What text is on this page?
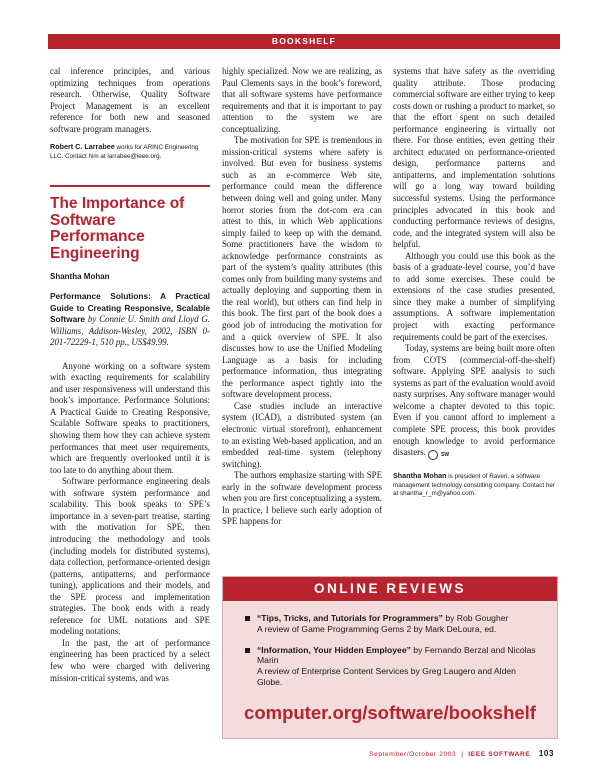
BOOKSHELF

cal inference principles, and various optimizing techniques from operations research. Otherwise, Quality Software Project Management is an excellent reference for both new and seasoned software program managers.

Robert C. Larrabee works for ARINC Engineering LLC. Contact him at larrabee@ieee.org.

The Importance of Software Performance Engineering
Shantha Mohan

Performance Solutions: A Practical Guide to Creating Responsive, Scalable Software by Connie U. Smith and Lloyd G. Williams, Addison-Wesley, 2002, ISBN 0-201-72229-1, 510 pp., US$49.99.

Anyone working on a software system with exacting requirements for scalability and user responsiveness will understand this book’s importance. Performance Solutions: A Practical Guide to Creating Responsive, Scalable Software speaks to practitioners, showing them how they can achieve system performances that meet user requirements, which are frequently overlooked until it is too late to do anything about them.

Software performance engineering deals with software system performance and scalability. This book speaks to SPE’s importance in a seven-part treatise, starting with the motivation for SPE, then introducing the methodology and tools (including models for distributed systems), data collection, performance-oriented design (patterns, antipatterns, and performance tuning), applications and their models, and the SPE process and implementation strategies. The book ends with a ready reference for UML notations and SPE modeling notations.

In the past, the art of performance engineering has been practiced by a select few who were charged with delivering mission-critical systems, and was

highly specialized. Now we are realizing, as Paul Clements says in the book’s foreword, that all software systems have performance requirements and that it is important to pay attention to the system we are conceptualizing.

The motivation for SPE is tremendous in mission-critical systems where safety is involved. But even for business systems such as an e-commerce Web site, performance could mean the difference between doing well and going under. Many horror stories from the dot-com era can attest to this, in which Web applications simply failed to keep up with the demand. Some practitioners have the wisdom to acknowledge performance constraints as part of the system’s quality attributes (this comes only from building many systems and actually deploying and supporting them in the real world), but others can find help in this book. The first part of the book does a good job of introducing the motivation for and a quick overview of SPE. It also discusses how to use the Unified Modeling Language as a basis for including performance information, thus integrating the performance aspect tightly into the software development process.

Case studies include an interactive system (ICAD), a distributed system (an electronic virtual storefront), enhancement to an existing Web-based application, and an embedded real-time system (telephony switching).

The authors emphasize starting with SPE early in the software development process when you are first conceptualizing a system. In practice, I believe such early adoption of SPE happens for

systems that have safety as the overriding quality attribute. Those producing commercial software are either trying to keep costs down or rushing a product to market, so that the effort spent on such detailed performance engineering is virtually not there. For those entities, even getting their architect educated on performance-oriented design, performance patterns and antipatterns, and implementation solutions will go a long way toward building successful systems. Using the performance principles advocated in this book and conducting performance reviews of designs, code, and the integrated system will also be helpful.

Although you could use this book as the basis of a graduate-level course, you’d have to add some exercises. These could be extensions of the case studies presented, since they make a number of simplifying assumptions. A software implementation project with exacting performance requirements could be part of the exercises.

Today, systems are being built more often from COTS (commercial-off-the-shelf) software. Applying SPE analysis to such systems as part of the evaluation would avoid nasty surprises. Any software manager would welcome a chapter devoted to this topic. Even if you cannot afford to implement a complete SPE process, this book provides enough knowledge to avoid performance disasters.	SW

Shantha Mohan is president of Raveri, a software management technology consulting company. Contact her at shantha_r_m@yahoo.com.

ONLINE REVIEWS
“Tips, Tricks, and Tutorials for Programmers” by Rob Gougher
A review of Game Programming Gems 2 by Mark DeLoura, ed.
“Information, Your Hidden Employee” by Fernando Berzal and Nicolas Marin
A review of Enterprise Content Services by Greg Laugero and Alden Globe.
computer.org/software/bookshelf
September/October 2003  |  IEEE SOFTWARE 103
